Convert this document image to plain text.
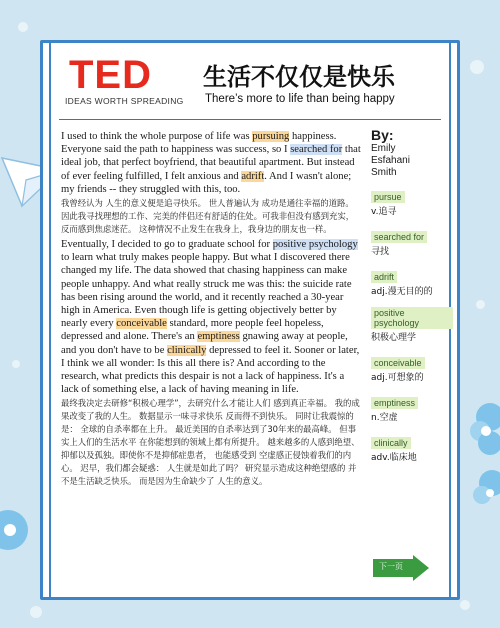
TED
IDEAS WORTH SPREADING
生活不仅仅是快乐
There’s more to life than being happy

I used to think the whole purpose of life was pursuing happiness. Everyone said the path to happiness was success, so I searched for that ideal job, that perfect boyfriend, that beautiful apartment. But instead of ever feeling fulfilled, I felt anxious and adrift. And I wasn't alone; my friends -- they struggled with this, too.

我曾经认为 人生的意义便是追寻快乐。 世人普遍认为 成功是通往幸福的道路。因此我寻找理想的工作、完美的伴侣还有舒适的住处。可我非但没有感到充实，反而感到焦虑迷茫。 这种情况不止发生在我身上，我身边的朋友也一样。

Eventually, I decided to go to graduate school for positive psychology to learn what truly makes people happy. But what I discovered there changed my life. The data showed that chasing happiness can make people unhappy. And what really struck me was this: the suicide rate has been rising around the world, and it recently reached a 30-year high in America. Even though life is getting objectively better by nearly every conceivable standard, more people feel hopeless, depressed and alone. There's an emptiness gnawing away at people, and you don't have to be clinically depressed to feel it. Sooner or later, I think we all wonder: Is this all there is? And according to the research, what predicts this despair is not a lack of happiness. It's a lack of something else, a lack of having meaning in life.

最终我决定去研修“积极心理学”，去研究什么才能让人们 感到真正幸福。 我的成果改变了我的人生。 数据显示一味寻求快乐 反而得不到快乐。 同时让我震惊的是： 全球的自杀率都在上升。 最近美国的自杀率达到了30年来的最高峰。 但事实上人们的生活水平 在你能想到的领域上都有所提升。 越来越多的人感到绝望、抑郁以及孤独。即使你不是抑郁症患者， 也能感受到 空虚感正侵蚀着我们的内心。 迟早，我们都会疑惑： 人生就是如此了吗？ 研究显示造成这种绝望感的 并不是生活缺乏快乐。 而是因为生命缺少了 人生的意义。

By:
Emily
Esfahani
Smith
pursue
v.追寻
searched for
寻找
adrift
adj.漫无目的的
positive psychology
积极心理学
conceivable
adj.可想象的
emptiness
n.空虚
clinically
adv.临床地
下一页
